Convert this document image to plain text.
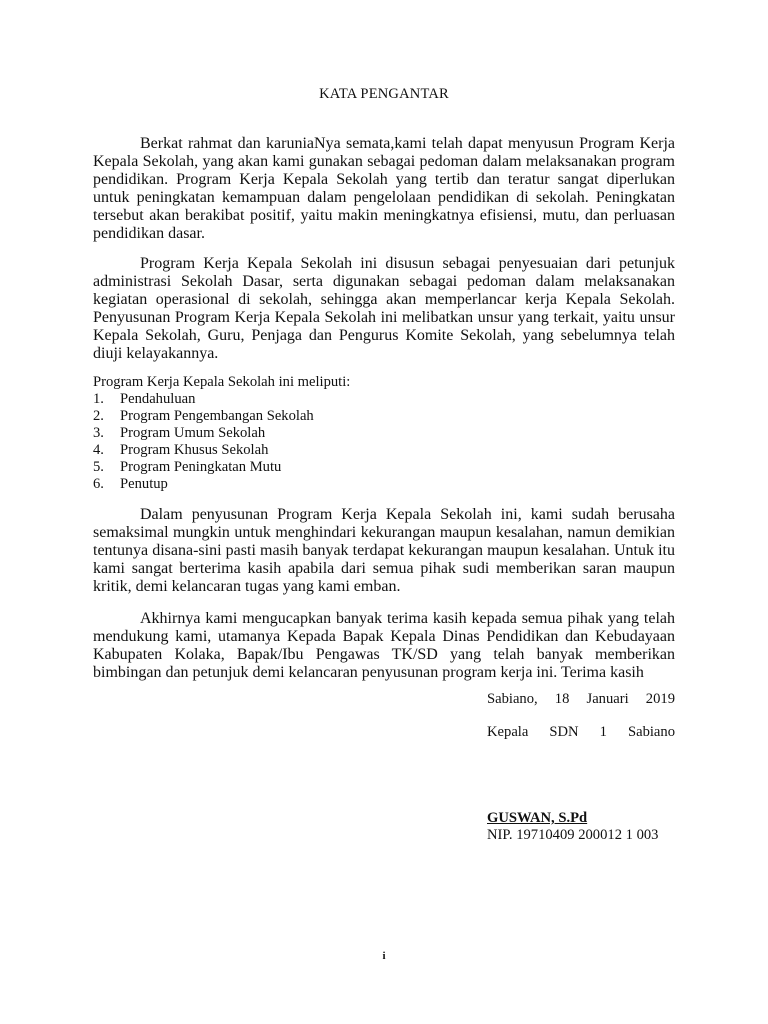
KATA PENGANTAR

Berkat rahmat dan karuniaNya semata,kami telah dapat menyusun Program Kerja Kepala Sekolah, yang akan kami gunakan sebagai pedoman dalam melaksanakan program pendidikan. Program Kerja Kepala Sekolah yang tertib dan teratur sangat diperlukan untuk peningkatan kemampuan dalam pengelolaan pendidikan di sekolah. Peningkatan tersebut akan berakibat positif, yaitu makin meningkatnya efisiensi, mutu, dan perluasan pendidikan dasar.

Program Kerja Kepala Sekolah ini disusun sebagai penyesuaian dari petunjuk administrasi Sekolah Dasar, serta digunakan sebagai pedoman dalam melaksanakan kegiatan operasional di sekolah, sehingga akan memperlancar kerja Kepala Sekolah. Penyusunan Program Kerja Kepala Sekolah ini melibatkan unsur yang terkait, yaitu unsur Kepala Sekolah, Guru, Penjaga dan Pengurus Komite Sekolah, yang sebelumnya telah diuji kelayakannya.

Program Kerja Kepala Sekolah ini meliputi:

1.	Pendahuluan
2.	Program Pengembangan Sekolah
3.	Program Umum Sekolah
4.	Program Khusus Sekolah
5.	Program Peningkatan Mutu
6.	Penutup

Dalam penyusunan Program Kerja Kepala Sekolah ini, kami sudah berusaha semaksimal mungkin untuk menghindari kekurangan maupun kesalahan, namun demikian tentunya disana-sini pasti masih banyak terdapat kekurangan maupun kesalahan. Untuk itu kami sangat berterima kasih apabila dari semua pihak sudi memberikan saran maupun kritik, demi kelancaran tugas yang kami emban.

Akhirnya kami mengucapkan banyak terima kasih kepada semua pihak yang telah mendukung kami, utamanya Kepada Bapak Kepala Dinas Pendidikan dan Kebudayaan Kabupaten Kolaka, Bapak/Ibu Pengawas TK/SD yang telah banyak memberikan bimbingan dan petunjuk demi kelancaran penyusunan program kerja ini. Terima kasih

Sabiano, 18 Januari 2019
Kepala SDN 1 Sabiano
GUSWAN, S.Pd
NIP. 19710409 200012 1 003
i
